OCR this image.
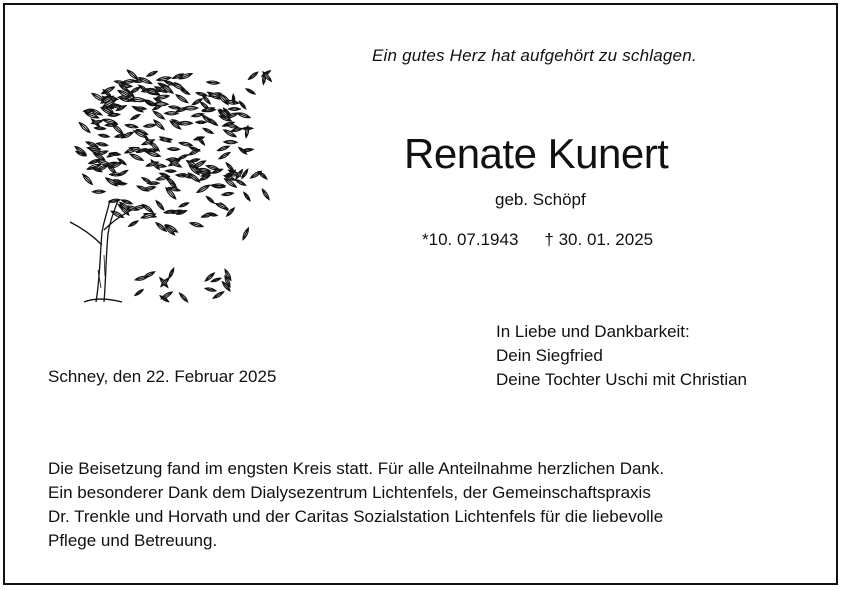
Ein gutes Herz hat aufgehört zu schlagen.
Renate Kunert
geb. Schöpf
*10. 07.1943 † 30. 01. 2025
In Liebe und Dankbarkeit:
Dein Siegfried
Deine Tochter Uschi mit Christian
Schney, den 22. Februar 2025
Die Beisetzung fand im engsten Kreis statt. Für alle Anteilnahme herzlichen Dank.
Ein besonderer Dank dem Dialysezentrum Lichtenfels, der Gemeinschaftspraxis
Dr. Trenkle und Horvath und der Caritas Sozialstation Lichtenfels für die liebevolle
Pflege und Betreuung.
